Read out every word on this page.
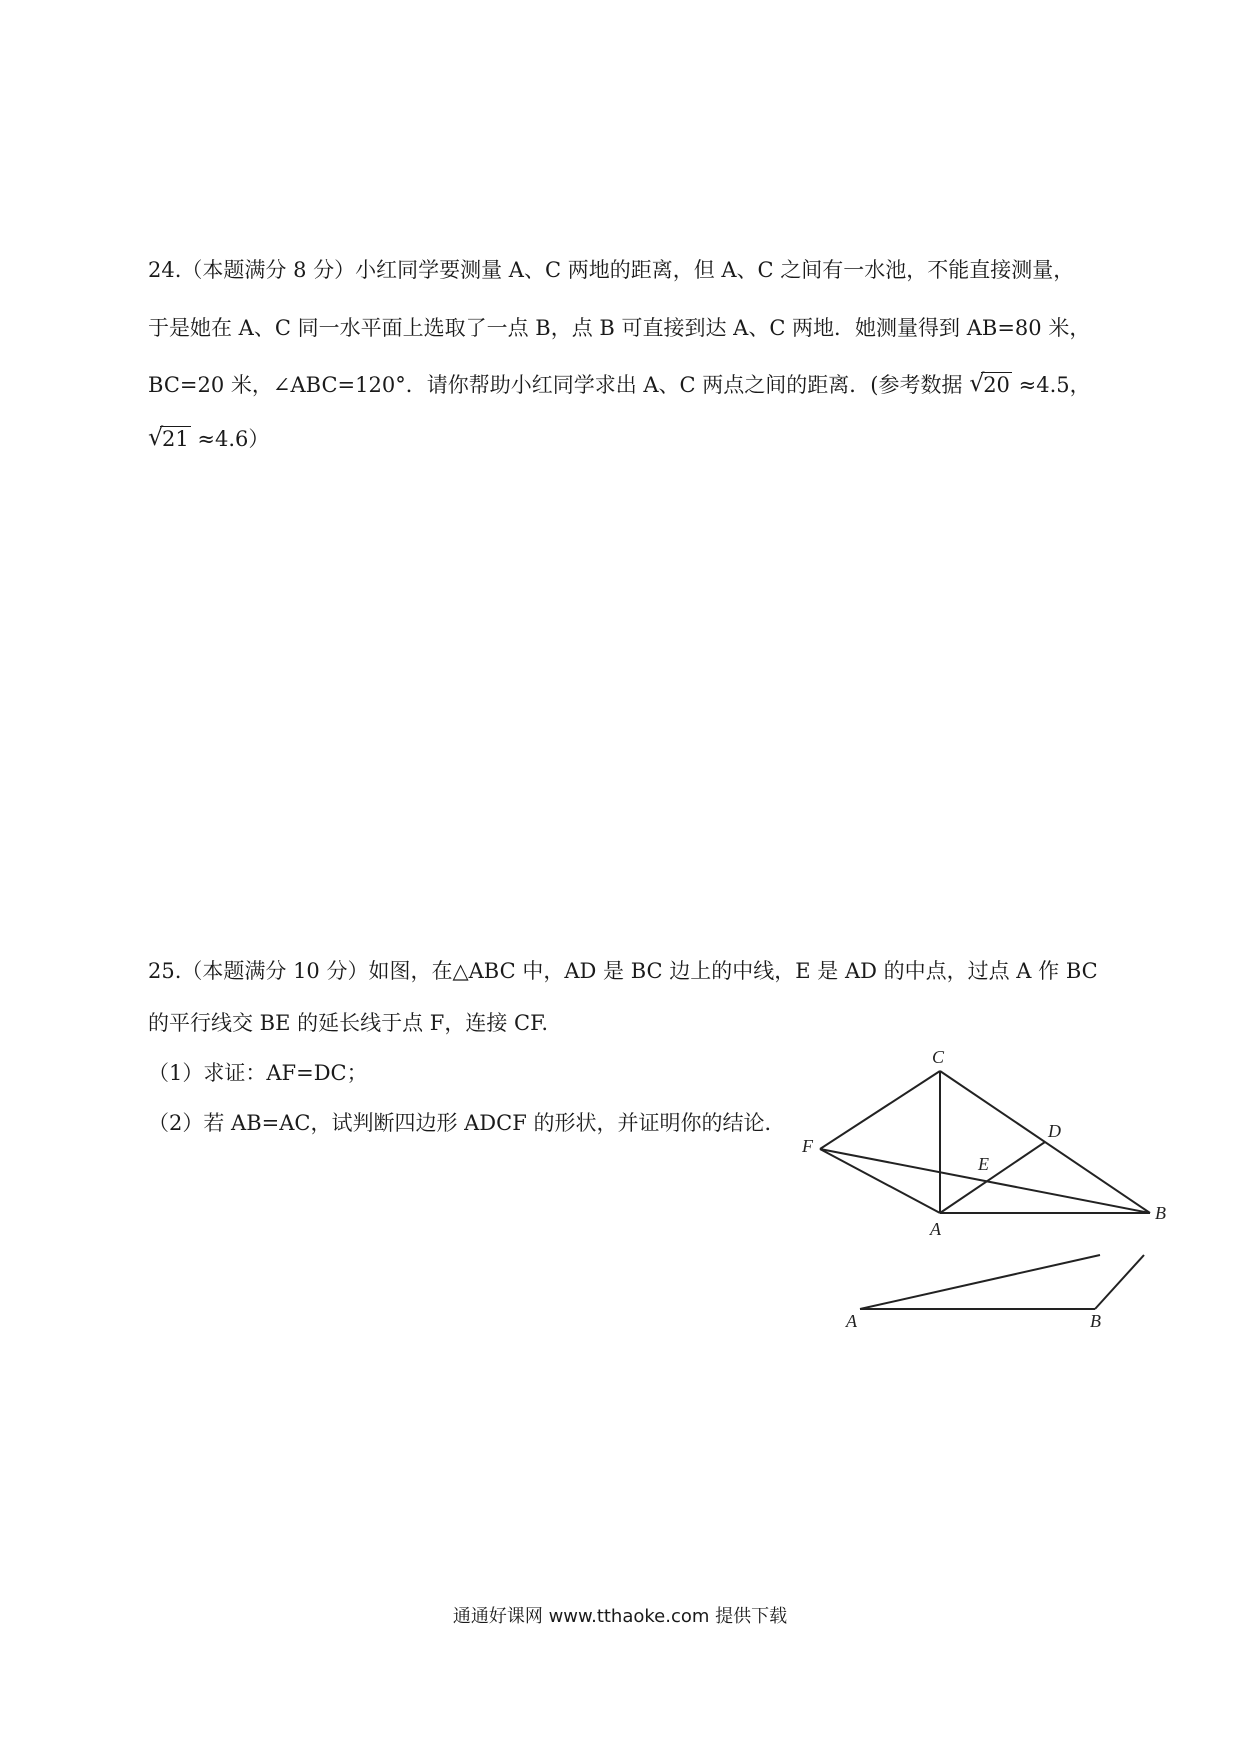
24.（本题满分 8 分）小红同学要测量 A、C 两地的距离，但 A、C 之间有一水池，不能直接测量，
于是她在 A、C 同一水平面上选取了一点 B，点 B 可直接到达 A、C 两地．她测量得到 AB=80 米，
BC=20 米，∠ABC=120°．请你帮助小红同学求出 A、C 两点之间的距离．(参考数据 √
20 ≈4.5，
√
21 ≈4.6）
25.（本题满分 10 分）如图，在△ABC 中，AD 是 BC 边上的中线，E 是 AD 的中点，过点 A 作 BC
的平行线交 BE 的延长线于点 F，连接 CF.
（1）求证：AF=DC；
（2）若 AB=AC，试判断四边形 ADCF 的形状，并证明你的结论．
C
D
F
E
A
B
A	B
通通好课网 www.tthaoke.com 提供下载
